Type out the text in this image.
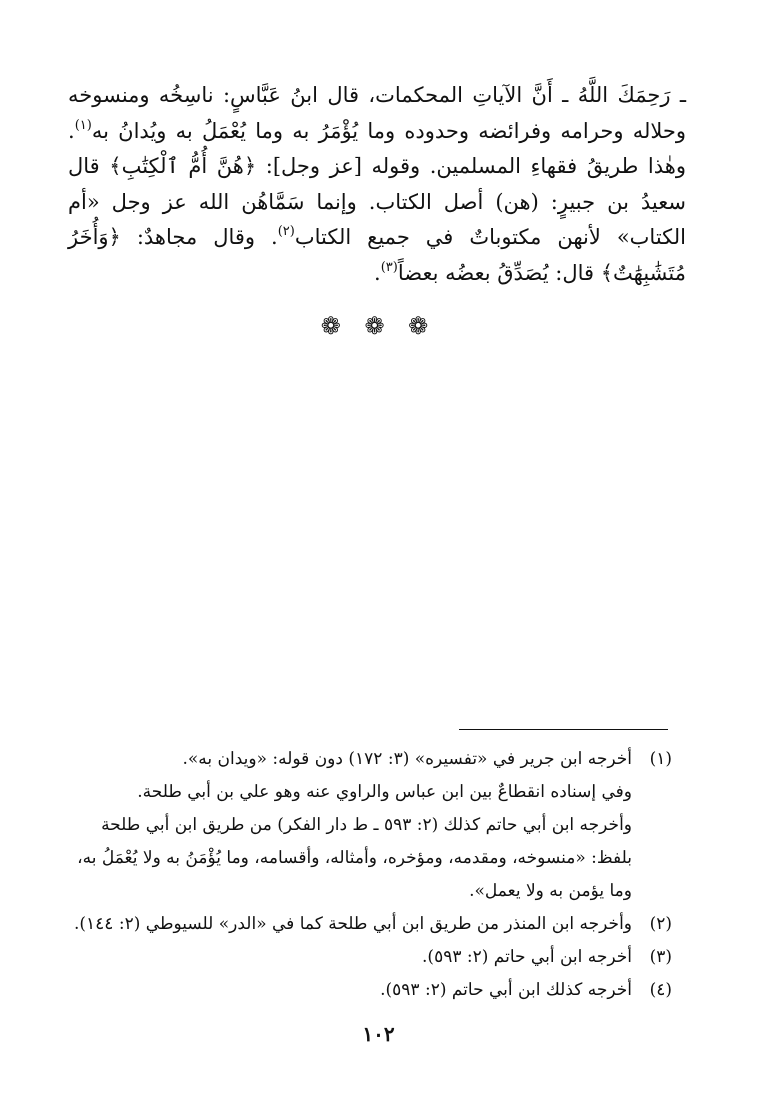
ـ رَحِمَكَ اللَّهُ ـ أَنَّ الآياتِ المحكمات، قال ابنُ عَبَّاسٍ: ناسِخُه ومنسوخه وحلاله وحرامه وفرائضه وحدوده وما يُؤْمَرُ به وما يُعْمَلُ به ويُدانُ به$^{(١)}$. وهٰذا طريقُ فقهاءِ المسلمين. وقوله [عز وجل]: ﴿هُنَّ أُمُّ ٱلْكِتَٰبِ﴾ قال سعيدُ بن جبيرٍ: (هن) أصل الكتاب. وإنما سَمَّاهُن الله عز وجل «أم الكتاب» لأنهن مكتوباتٌ في جميع الكتاب$^{(٢)}$. وقال مجاهدٌ: ﴿وَأُخَرُ مُتَشَٰبِهَٰتٌ﴾ قال: يُصَدِّقُ بعضُه بعضاً$^{(٣)}$.

❁ ❁ ❁
(١)
أخرجه ابن جرير في «تفسيره» (٣: ١٧٢) دون قوله: «ويدان به».
وفي إسناده انقطاعٌ بين ابن عباس والراوي عنه وهو علي بن أبي طلحة.
وأخرجه ابن أبي حاتم كذلك (٢: ٥٩٣ ـ ط دار الفكر) من طريق ابن أبي طلحة بلفظ: «منسوخه، ومقدمه، ومؤخره، وأمثاله، وأقسامه، وما يُؤْمَنُ به ولا يُعْمَلُ به، وما يؤمن به ولا يعمل».
(٢)
وأخرجه ابن المنذر من طريق ابن أبي طلحة كما في «الدر» للسيوطي (٢: ١٤٤).
(٣)
أخرجه ابن أبي حاتم (٢: ٥٩٣).
(٤)
أخرجه كذلك ابن أبي حاتم (٢: ٥٩٣).
١٠٢
